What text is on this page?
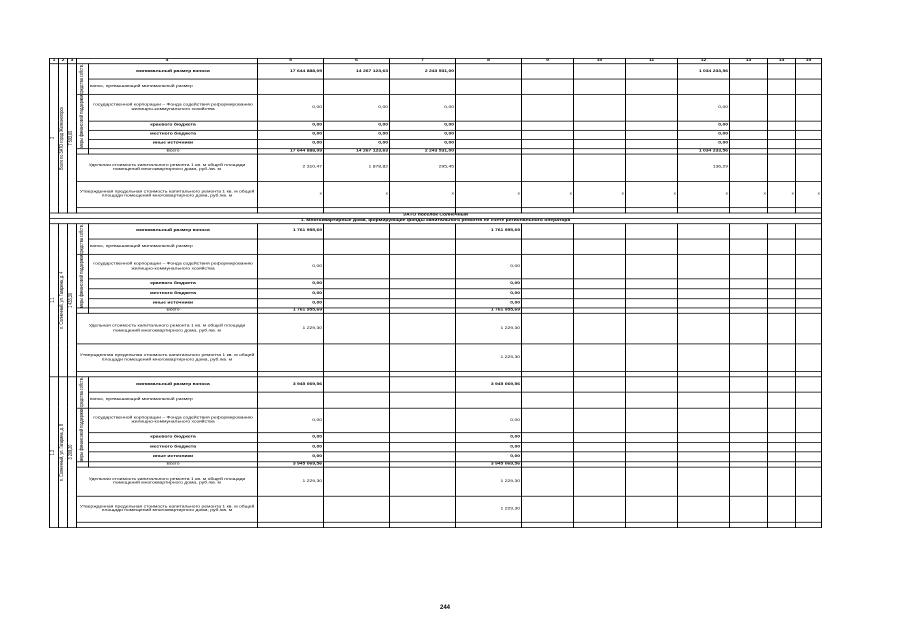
1	2	3	4		5	6	7	8	9	10	11	12	13	14	15

2	Всего по ЗАТО город Железногорск	7 593,65	средства собств.	минимальный размер взноса	17 644 888,09	14 267 123,63	2 243 531,00					1 034 233,56			
				взнос, превышающий минимальный размер											

			меры финансовой поддержки	государственной корпорации – Фонда содействия реформированию жилищно-коммунального хозяйства	0,00	0,00	0,00					0,00			
				краевого бюджета	0,00	0,00	0,00					0,00			
				местного бюджета	0,00	0,00	0,00					0,00			
				иные источники	0,00	0,00	0,00					0,00			
				Всего	17 644 888,09	14 267 123,63	2 243 531,00					1 034 233,56			
			Удельная стоимость капитального ремонта 1 кв. м общей площади помещений многоквартирного дома, руб./кв. м		2 310,47	1 878,82	295,45					136,29			
			Утвержденная предельная стоимость капитального ремонта 1 кв. м общей площади помещений многоквартирного дома, руб./кв. м		х	х	х	х	х	х	х	х	х	х	х

ЗАТО поселок Солнечный															
1. Многоквартирные дома, формирующие фонды капитального ремонта не счете регионального оператора															

1.1	п. Солнечный, ул. Гагарина, д. 4	1 433,30	средства собств.	минимальный размер взноса	1 761 955,69			1 761 955,69							
				взнос, превышающий минимальный размер											

			меры финансовой поддержки	государственной корпорации – Фонда содействия реформированию жилищно-коммунального хозяйства	0,00			0,00							
				краевого бюджета	0,00			0,00							
				местного бюджета	0,00			0,00							
				иные источники	0,00			0,00							
				Всего	1 761 955,69			1 761 955,69							
			Удельная стоимость капитального ремонта 1 кв. м общей площади помещений многоквартирного дома, руб./кв. м		1 229,30			1 229,30							
			Утвержденная предельная стоимость капитального ремонта 1 кв. м общей площади помещений многоквартирного дома, руб./кв. м					1 229,30							

1.2	п. Солнечный, ул. Гагарина, д. 8	3 209,20	средства собств.	минимальный размер взноса	3 945 069,56			3 945 069,56							
				взнос, превышающий минимальный размер											

			меры финансовой поддержки	государственной корпорации – Фонда содействия реформированию жилищно-коммунального хозяйства	0,00			0,00							
				краевого бюджета	0,00			0,00							
				местного бюджета	0,00			0,00							
				иные источники	0,00			0,00							
				Всего	3 945 069,56			3 945 069,56							
			Удельная стоимость капитального ремонта 1 кв. м общей площади помещений многоквартирного дома, руб./кв. м		1 229,30			1 229,30							
			Утвержденная предельная стоимость капитального ремонта 1 кв. м общей площади помещений многоквартирного дома, руб./кв. м					1 229,30							

244
